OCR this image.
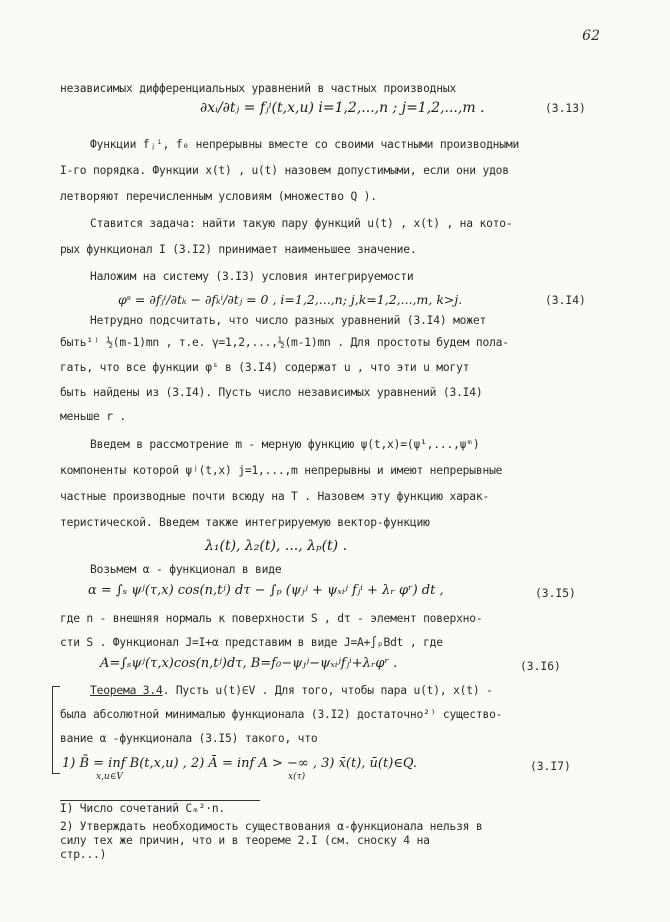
62
независимых дифференциальных уравнений в частных производных
∂xᵢ/∂tⱼ = fⱼⁱ(t,x,u) i=1,2,...,n ; j=1,2,...,m .	(3.13)
Функции fⱼⁱ, f₀ непрерывны вместе со своими частными производными
I-го порядка. Функции x(t) , u(t) назовем допустимыми, если они удов
летворяют перечисленным условиям (множество Q ).
Ставится задача: найти такую пару функций u(t) , x(t) , на кото-
рых функционал I (3.I2) принимает наименьшее значение.
Наложим на систему (3.I3) условия интегрируемости
φˢ = ∂fⱼⁱ/∂tₖ − ∂fₖⁱ/∂tⱼ = 0 , i=1,2,...,n; j,k=1,2,...,m, k>j.	(3.I4)
Нетрудно подсчитать, что число разных уравнений (3.I4) может
быть¹⁾ ½(m-1)mn , т.е. γ=1,2,...,½(m-1)mn . Для простоты будем пола-
гать, что все функции φˢ в (3.I4) содержат u , что эти u могут
быть найдены из (3.I4). Пусть число независимых уравнений (3.I4)
меньше r .
Введем в рассмотрение m - мерную функцию ψ(t,x)=(ψ¹,...,ψᵐ)
компоненты которой ψʲ(t,x) j=1,...,m непрерывны и имеют непрерывные
частные производные почти всюду на T . Назовем эту функцию харак-
теристической. Введем также интегрируемую вектор-функцию
λ₁(t), λ₂(t), ..., λₚ(t) .
Возьмем α - функционал в виде
α = ∫ₛ ψʲ(τ,x) cos(n,tʲ) dτ − ∫ₚ (ψⱼʲ + ψₓᵢʲ fⱼⁱ + λᵣ φʳ) dt ,	(3.I5)
где n - внешняя нормаль к поверхности S , dτ - элемент поверхно-
сти S . Функционал J=I+α представим в виде J=A+∫ₚBdt , где
A=∫ₛψʲ(τ,x)cos(n,tʲ)dτ, B=f₀−ψⱼʲ−ψₓᵢʲfⱼⁱ+λᵣφʳ .	(3.I6)
Теорема 3.4. Пусть u(t)∈V . Для того, чтобы пара u(t), x(t) -
была абсолютной минималью функционала (3.I2) достаточно²⁾ существо-
вание α -функционала (3.I5) такого, что
1) B̄ = inf B(t,x,u) , 2) Ā = inf A > −∞ , 3) x̄(t), ū(t)∈Q.
x,u∈V	x(τ)
(3.I7)
I) Число сочетаний Cₘ²·n.
2) Утверждать необходимость существования α-функционала нельзя в
силу тех же причин, что и в теореме 2.I (см. сноску 4 на
стр...)
